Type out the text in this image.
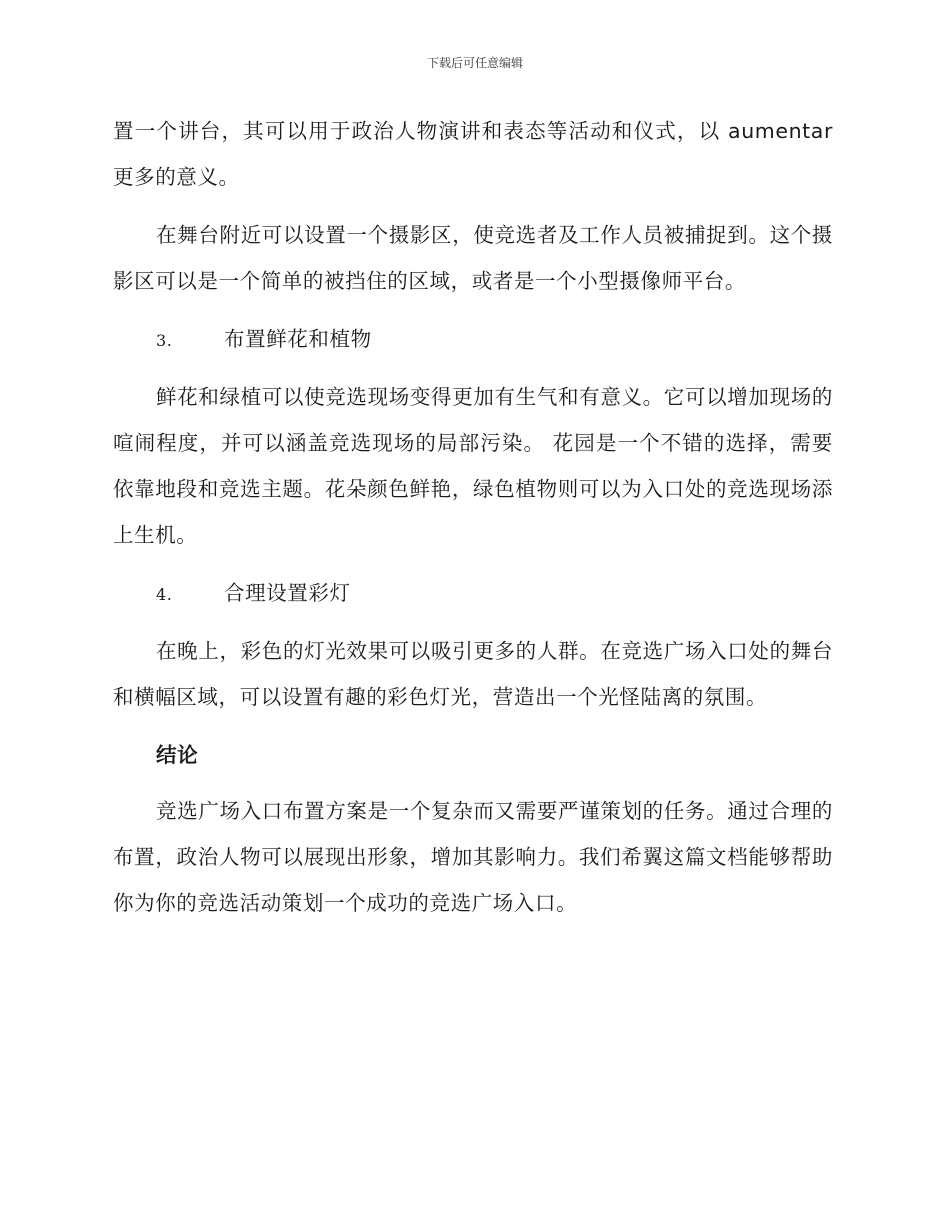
下载后可任意编辑

置一个讲台，其可以用于政治人物演讲和表态等活动和仪式，以 aumentar 更多的意义。

在舞台附近可以设置一个摄影区，使竞选者及工作人员被捕捉到。这个摄影区可以是一个简单的被挡住的区域，或者是一个小型摄像师平台。

3.	布置鲜花和植物

鲜花和绿植可以使竞选现场变得更加有生气和有意义。它可以增加现场的喧闹程度，并可以涵盖竞选现场的局部污染。 花园是一个不错的选择，需要依靠地段和竞选主题。花朵颜色鲜艳，绿色植物则可以为入口处的竞选现场添上生机。

4.	合理设置彩灯

在晚上，彩色的灯光效果可以吸引更多的人群。在竞选广场入口处的舞台和横幅区域，可以设置有趣的彩色灯光，营造出一个光怪陆离的氛围。

结论

竞选广场入口布置方案是一个复杂而又需要严谨策划的任务。通过合理的布置，政治人物可以展现出形象，增加其影响力。我们希翼这篇文档能够帮助你为你的竞选活动策划一个成功的竞选广场入口。
